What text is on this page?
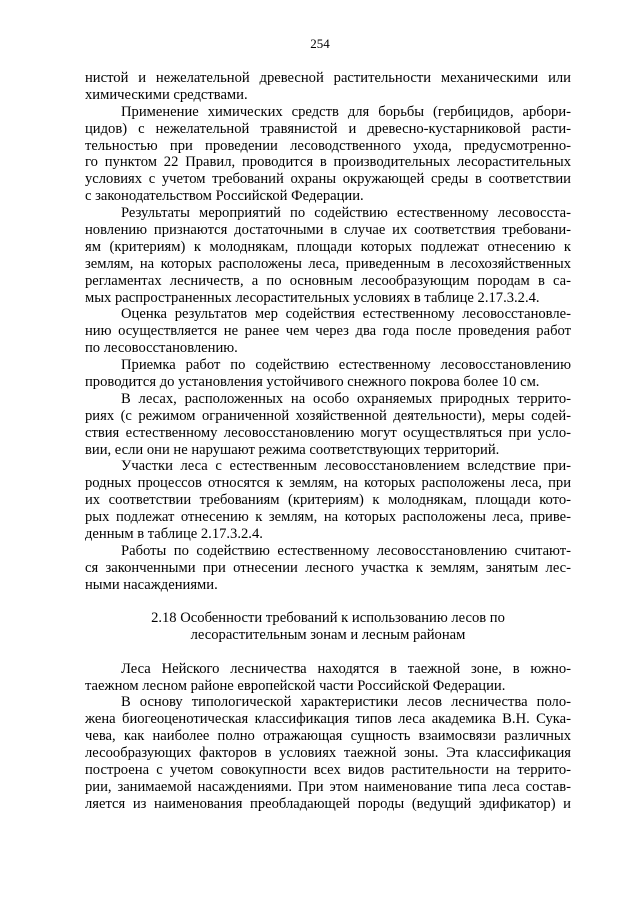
254
нистой и нежелательной древесной растительности механическими или
химическими средствами.
Применение химических средств для борьбы (гербицидов, арбори-
цидов) с нежелательной травянистой и древесно-кустарниковой расти-
тельностью при проведении лесоводственного ухода, предусмотренно-
го пунктом 22 Правил, проводится в производительных лесорастительных
условиях с учетом требований охраны окружающей среды в соответствии
с законодательством Российской Федерации.
Результаты мероприятий по содействию естественному лесовосста-
новлению признаются достаточными в случае их соответствия требовани-
ям (критериям) к молоднякам, площади которых подлежат отнесению к
землям, на которых расположены леса, приведенным в лесохозяйственных
регламентах лесничеств, а по основным лесообразующим породам в са-
мых распространенных лесорастительных условиях в таблице 2.17.3.2.4.
Оценка результатов мер содействия естественному лесовосстановле-
нию осуществляется не ранее чем через два года после проведения работ
по лесовосстановлению.
Приемка работ по содействию естественному лесовосстановлению
проводится до установления устойчивого снежного покрова более 10 см.
В лесах, расположенных на особо охраняемых природных террито-
риях (с режимом ограниченной хозяйственной деятельности), меры содей-
ствия естественному лесовосстановлению могут осуществляться при усло-
вии, если они не нарушают режима соответствующих территорий.
Участки леса с естественным лесовосстановлением вследствие при-
родных процессов относятся к землям, на которых расположены леса, при
их соответствии требованиям (критериям) к молоднякам, площади кото-
рых подлежат отнесению к землям, на которых расположены леса, приве-
денным в таблице 2.17.3.2.4.
Работы по содействию естественному лесовосстановлению считают-
ся законченными при отнесении лесного участка к землям, занятым лес-
ными насаждениями.
2.18 Особенности требований к использованию лесов по
лесорастительным зонам и лесным районам
Леса Нейского лесничества находятся в таежной зоне, в южно-
таежном лесном районе европейской части Российской Федерации.
В основу типологической характеристики лесов лесничества поло-
жена биогеоценотическая классификация типов леса академика В.Н. Сука-
чева, как наиболее полно отражающая сущность взаимосвязи различных
лесообразующих факторов в условиях таежной зоны. Эта классификация
построена с учетом совокупности всех видов растительности на террито-
рии, занимаемой насаждениями. При этом наименование типа леса состав-
ляется из наименования преобладающей породы (ведущий эдификатор) и
